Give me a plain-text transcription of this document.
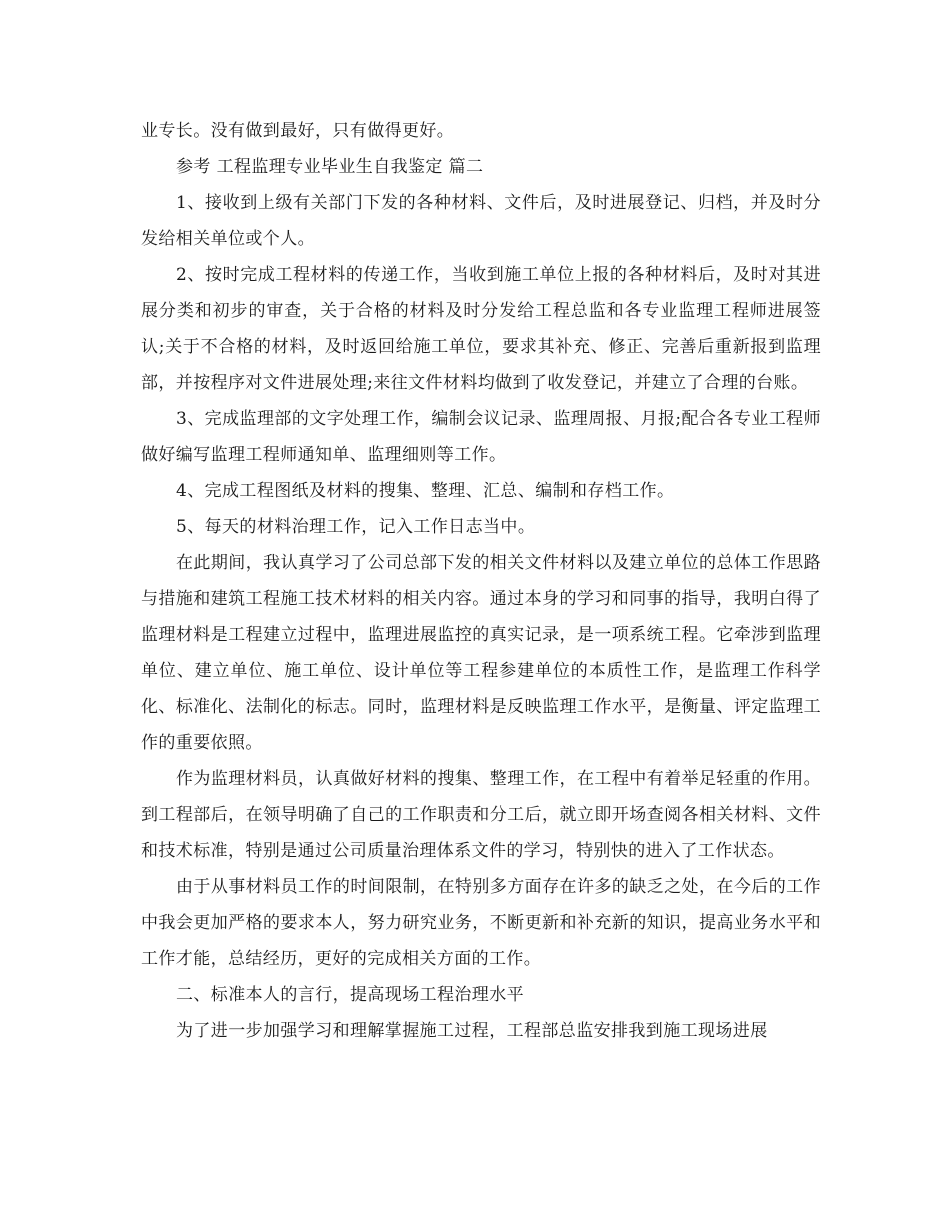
业专长。没有做到最好，只有做得更好。

参考 工程监理专业毕业生自我鉴定 篇二

1、接收到上级有关部门下发的各种材料、文件后，及时进展登记、归档，并及时分发给相关单位或个人。

2、按时完成工程材料的传递工作，当收到施工单位上报的各种材料后，及时对其进展分类和初步的审查，关于合格的材料及时分发给工程总监和各专业监理工程师进展签认;关于不合格的材料，及时返回给施工单位，要求其补充、修正、完善后重新报到监理部，并按程序对文件进展处理;来往文件材料均做到了收发登记，并建立了合理的台账。

3、完成监理部的文字处理工作，编制会议记录、监理周报、月报;配合各专业工程师做好编写监理工程师通知单、监理细则等工作。

4、完成工程图纸及材料的搜集、整理、汇总、编制和存档工作。

5、每天的材料治理工作，记入工作日志当中。

在此期间，我认真学习了公司总部下发的相关文件材料以及建立单位的总体工作思路与措施和建筑工程施工技术材料的相关内容。通过本身的学习和同事的指导，我明白得了监理材料是工程建立过程中，监理进展监控的真实记录，是一项系统工程。它牵涉到监理单位、建立单位、施工单位、设计单位等工程参建单位的本质性工作，是监理工作科学化、标准化、法制化的标志。同时，监理材料是反映监理工作水平，是衡量、评定监理工作的重要依照。

作为监理材料员，认真做好材料的搜集、整理工作，在工程中有着举足轻重的作用。到工程部后，在领导明确了自己的工作职责和分工后，就立即开场查阅各相关材料、文件和技术标准，特别是通过公司质量治理体系文件的学习，特别快的进入了工作状态。

由于从事材料员工作的时间限制，在特别多方面存在许多的缺乏之处，在今后的工作中我会更加严格的要求本人，努力研究业务，不断更新和补充新的知识，提高业务水平和工作才能，总结经历，更好的完成相关方面的工作。

二、标准本人的言行，提高现场工程治理水平

为了进一步加强学习和理解掌握施工过程，工程部总监安排我到施工现场进展
